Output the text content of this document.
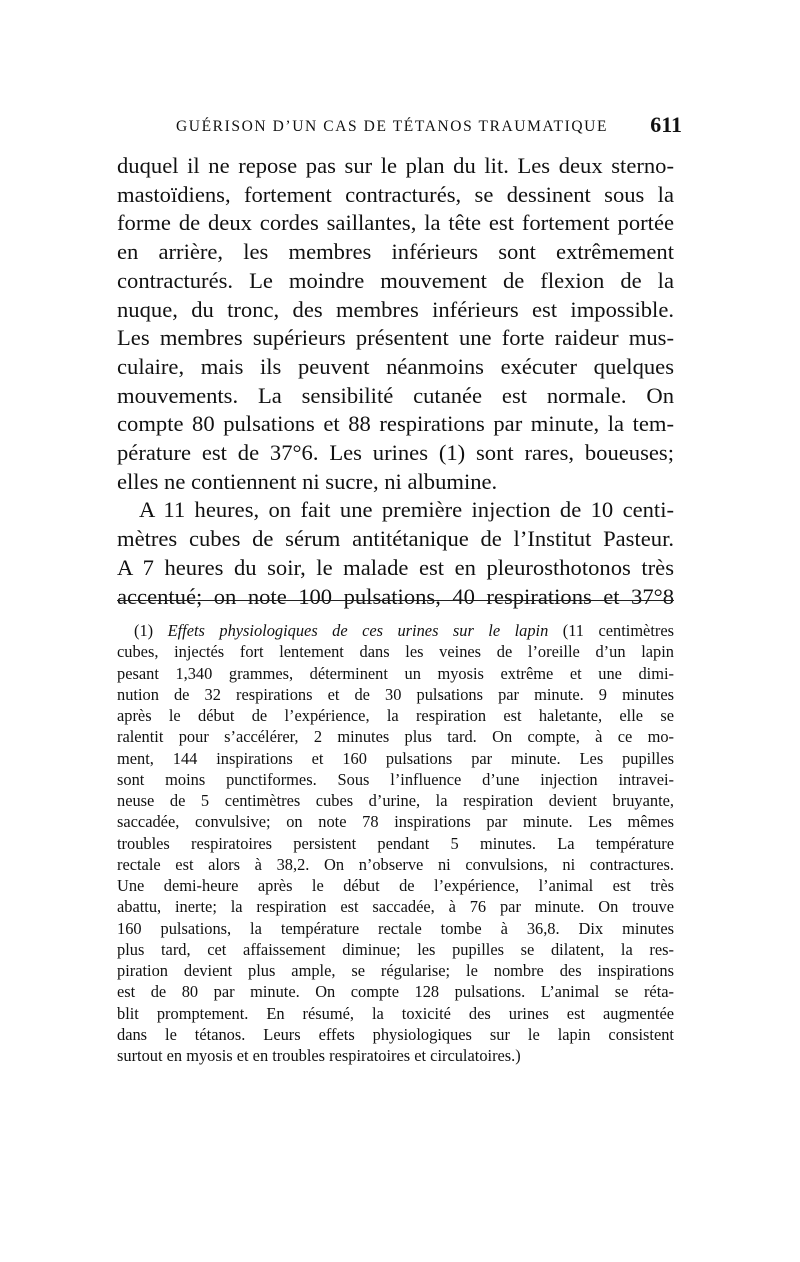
GUÉRISON D’UN CAS DE TÉTANOS TRAUMATIQUE 611
duquel il ne repose pas sur le plan du lit. Les deux sterno-
mastoïdiens, fortement contracturés, se dessinent sous la
forme de deux cordes saillantes, la tête est fortement portée
en arrière, les membres inférieurs sont extrêmement
contracturés. Le moindre mouvement de flexion de la
nuque, du tronc, des membres inférieurs est impossible.
Les membres supérieurs présentent une forte raideur mus-
culaire, mais ils peuvent néanmoins exécuter quelques
mouvements. La sensibilité cutanée est normale. On
compte 80 pulsations et 88 respirations par minute, la tem-
pérature est de 37°6. Les urines (1) sont rares, boueuses;
elles ne contiennent ni sucre, ni albumine.
A 11 heures, on fait une première injection de 10 centi-
mètres cubes de sérum antitétanique de l’Institut Pasteur.
A 7 heures du soir, le malade est en pleurosthotonos très
accentué; on note 100 pulsations, 40 respirations et 37°8
(1) Effets physiologiques de ces urines sur le lapin (11 centimètres
cubes, injectés fort lentement dans les veines de l’oreille d’un lapin
pesant 1,340 grammes, déterminent un myosis extrême et une dimi-
nution de 32 respirations et de 30 pulsations par minute. 9 minutes
après le début de l’expérience, la respiration est haletante, elle se
ralentit pour s’accélérer, 2 minutes plus tard. On compte, à ce mo-
ment, 144 inspirations et 160 pulsations par minute. Les pupilles
sont moins punctiformes. Sous l’influence d’une injection intravei-
neuse de 5 centimètres cubes d’urine, la respiration devient bruyante,
saccadée, convulsive; on note 78 inspirations par minute. Les mêmes
troubles respiratoires persistent pendant 5 minutes. La température
rectale est alors à 38,2. On n’observe ni convulsions, ni contractures.
Une demi-heure après le début de l’expérience, l’animal est très
abattu, inerte; la respiration est saccadée, à 76 par minute. On trouve
160 pulsations, la température rectale tombe à 36,8. Dix minutes
plus tard, cet affaissement diminue; les pupilles se dilatent, la res-
piration devient plus ample, se régularise; le nombre des inspirations
est de 80 par minute. On compte 128 pulsations. L’animal se réta-
blit promptement. En résumé, la toxicité des urines est augmentée
dans le tétanos. Leurs effets physiologiques sur le lapin consistent
surtout en myosis et en troubles respiratoires et circulatoires.)
